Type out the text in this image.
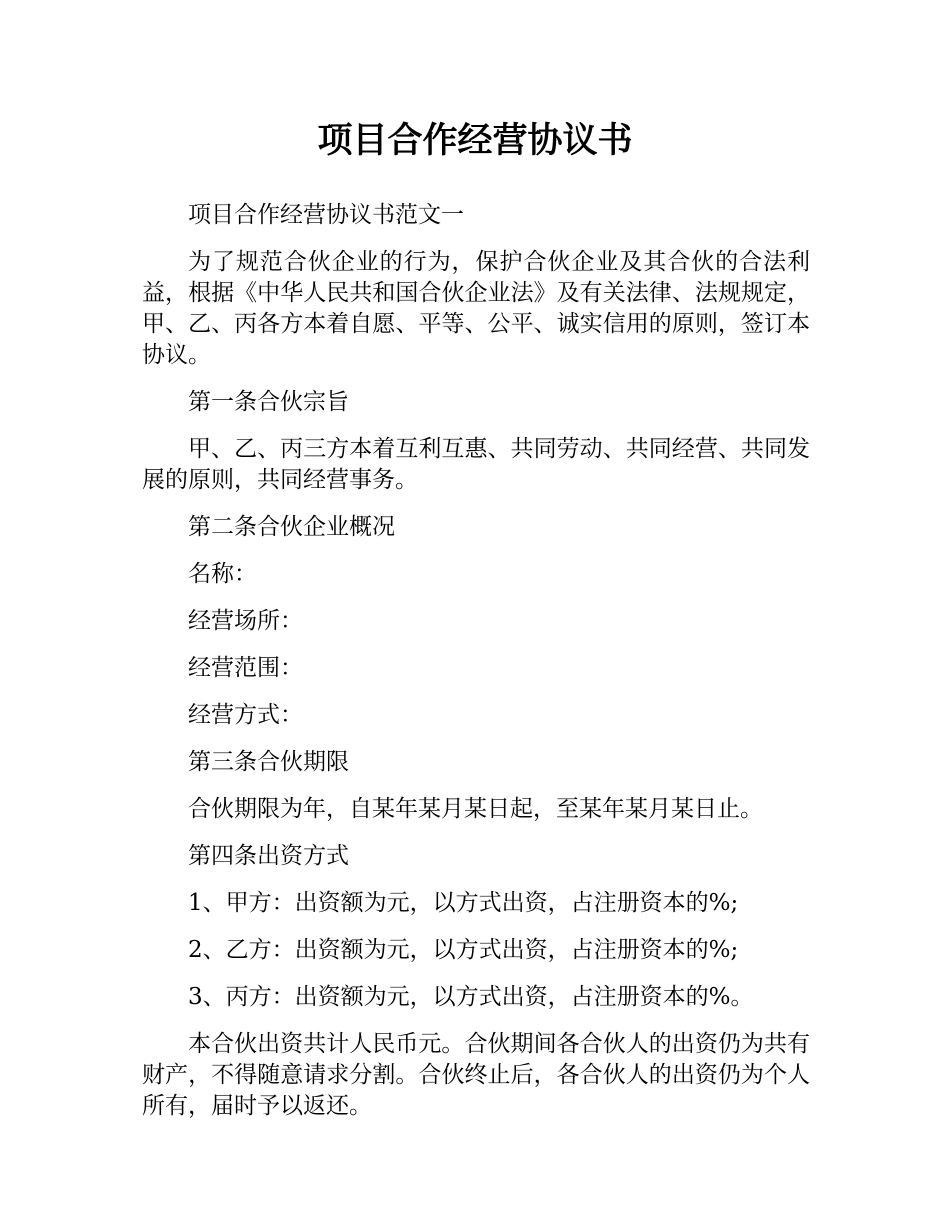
项目合作经营协议书

项目合作经营协议书范文一

为了规范合伙企业的行为，保护合伙企业及其合伙的合法利益，根据《中华人民共和国合伙企业法》及有关法律、法规规定，甲、乙、丙各方本着自愿、平等、公平、诚实信用的原则，签订本协议。

第一条合伙宗旨

甲、乙、丙三方本着互利互惠、共同劳动、共同经营、共同发展的原则，共同经营事务。

第二条合伙企业概况

名称：

经营场所：

经营范围：

经营方式：

第三条合伙期限

合伙期限为年，自某年某月某日起，至某年某月某日止。

第四条出资方式

1、甲方：出资额为元，以方式出资，占注册资本的%;

2、乙方：出资额为元，以方式出资，占注册资本的%;

3、丙方：出资额为元，以方式出资，占注册资本的%。

本合伙出资共计人民币元。合伙期间各合伙人的出资仍为共有财产，不得随意请求分割。合伙终止后，各合伙人的出资仍为个人所有，届时予以返还。
